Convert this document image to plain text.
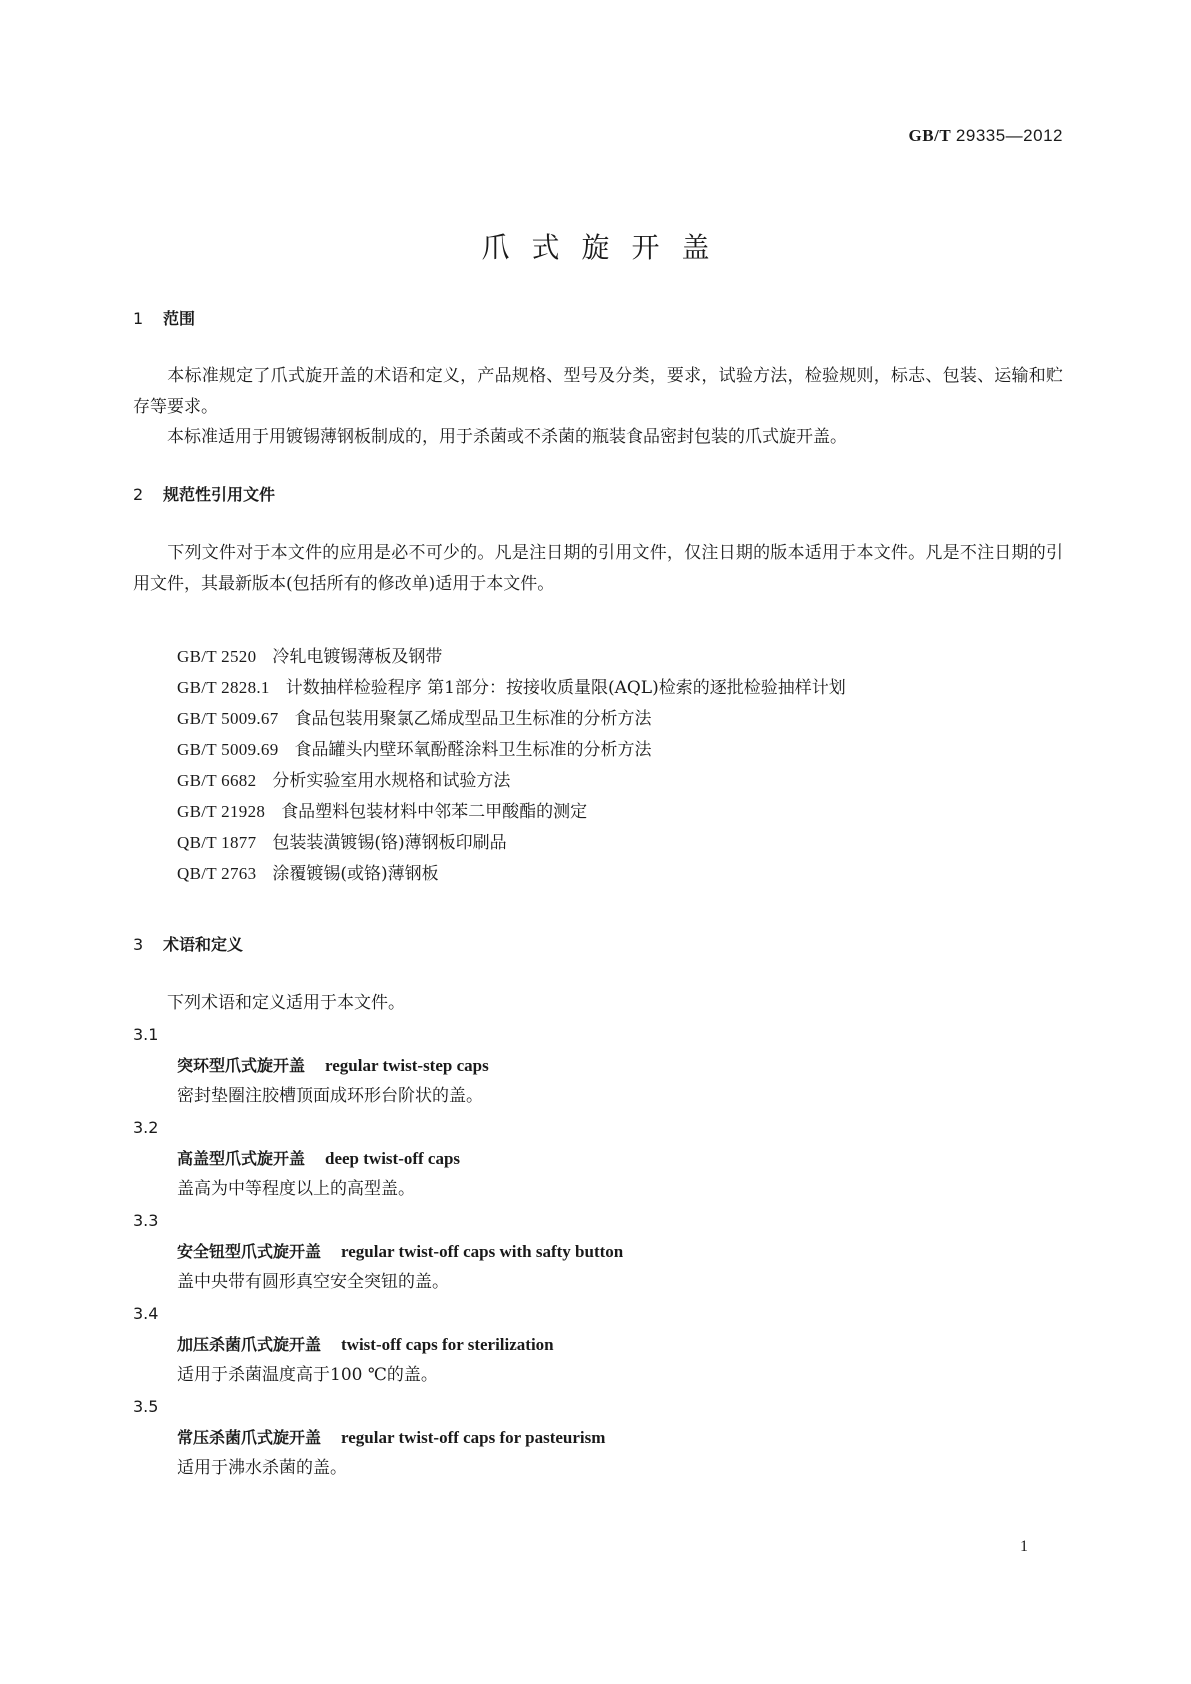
GB/T 29335—2012
爪式旋开盖
1 范围
本标准规定了爪式旋开盖的术语和定义，产品规格、型号及分类，要求，试验方法，检验规则，标志、包装、运输和贮存等要求。
本标准适用于用镀锡薄钢板制成的，用于杀菌或不杀菌的瓶装食品密封包装的爪式旋开盖。
2 规范性引用文件
下列文件对于本文件的应用是必不可少的。凡是注日期的引用文件，仅注日期的版本适用于本文件。凡是不注日期的引用文件，其最新版本(包括所有的修改单)适用于本文件。
GB/T 2520 冷轧电镀锡薄板及钢带
GB/T 2828.1 计数抽样检验程序 第1部分：按接收质量限(AQL)检索的逐批检验抽样计划
GB/T 5009.67 食品包装用聚氯乙烯成型品卫生标准的分析方法
GB/T 5009.69 食品罐头内壁环氧酚醛涂料卫生标准的分析方法
GB/T 6682 分析实验室用水规格和试验方法
GB/T 21928 食品塑料包装材料中邻苯二甲酸酯的测定
QB/T 1877 包装装潢镀锡(铬)薄钢板印刷品
QB/T 2763 涂覆镀锡(或铬)薄钢板
3 术语和定义
下列术语和定义适用于本文件。
3.1
突环型爪式旋开盖 regular twist-step caps
密封垫圈注胶槽顶面成环形台阶状的盖。
3.2
高盖型爪式旋开盖 deep twist-off caps
盖高为中等程度以上的高型盖。
3.3
安全钮型爪式旋开盖 regular twist-off caps with safty button
盖中央带有圆形真空安全突钮的盖。
3.4
加压杀菌爪式旋开盖 twist-off caps for sterilization
适用于杀菌温度高于100 ℃的盖。
3.5
常压杀菌爪式旋开盖 regular twist-off caps for pasteurism
适用于沸水杀菌的盖。
1
